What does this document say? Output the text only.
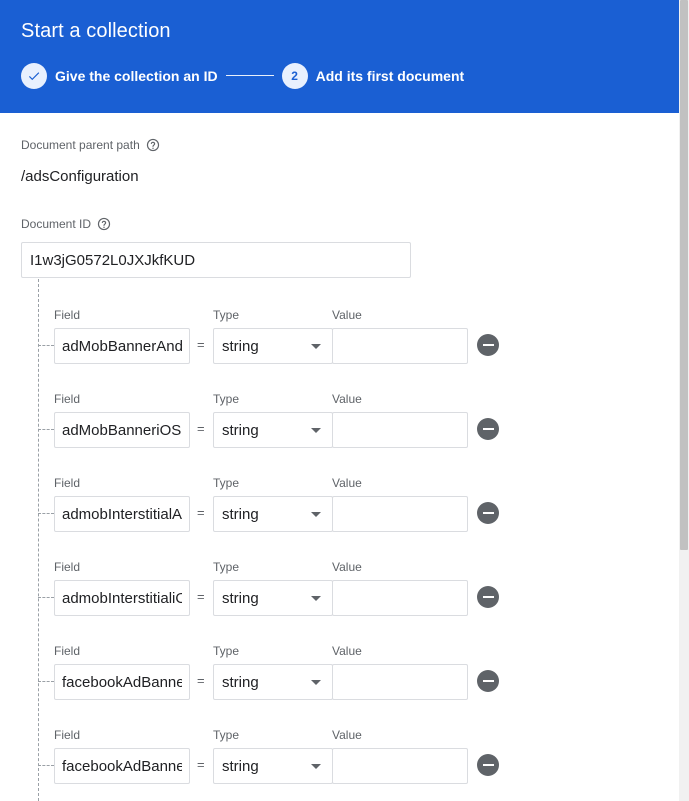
Start a collection
Give the collection an ID	2 Add its first document
Document parent path
/adsConfiguration
Document ID
I1w3jG0572L0JXJkfKUD
Field	Type	Value
adMobBannerAndroid
= string
Field	Type	Value
adMobBanneriOS
= string
Field	Type	Value
admobInterstitialAndroid
= string
Field	Type	Value
admobInterstitialiOS
= string
Field	Type	Value
facebookAdBannerAndroid
= string
Field	Type	Value
facebookAdBanneriOS
= string
